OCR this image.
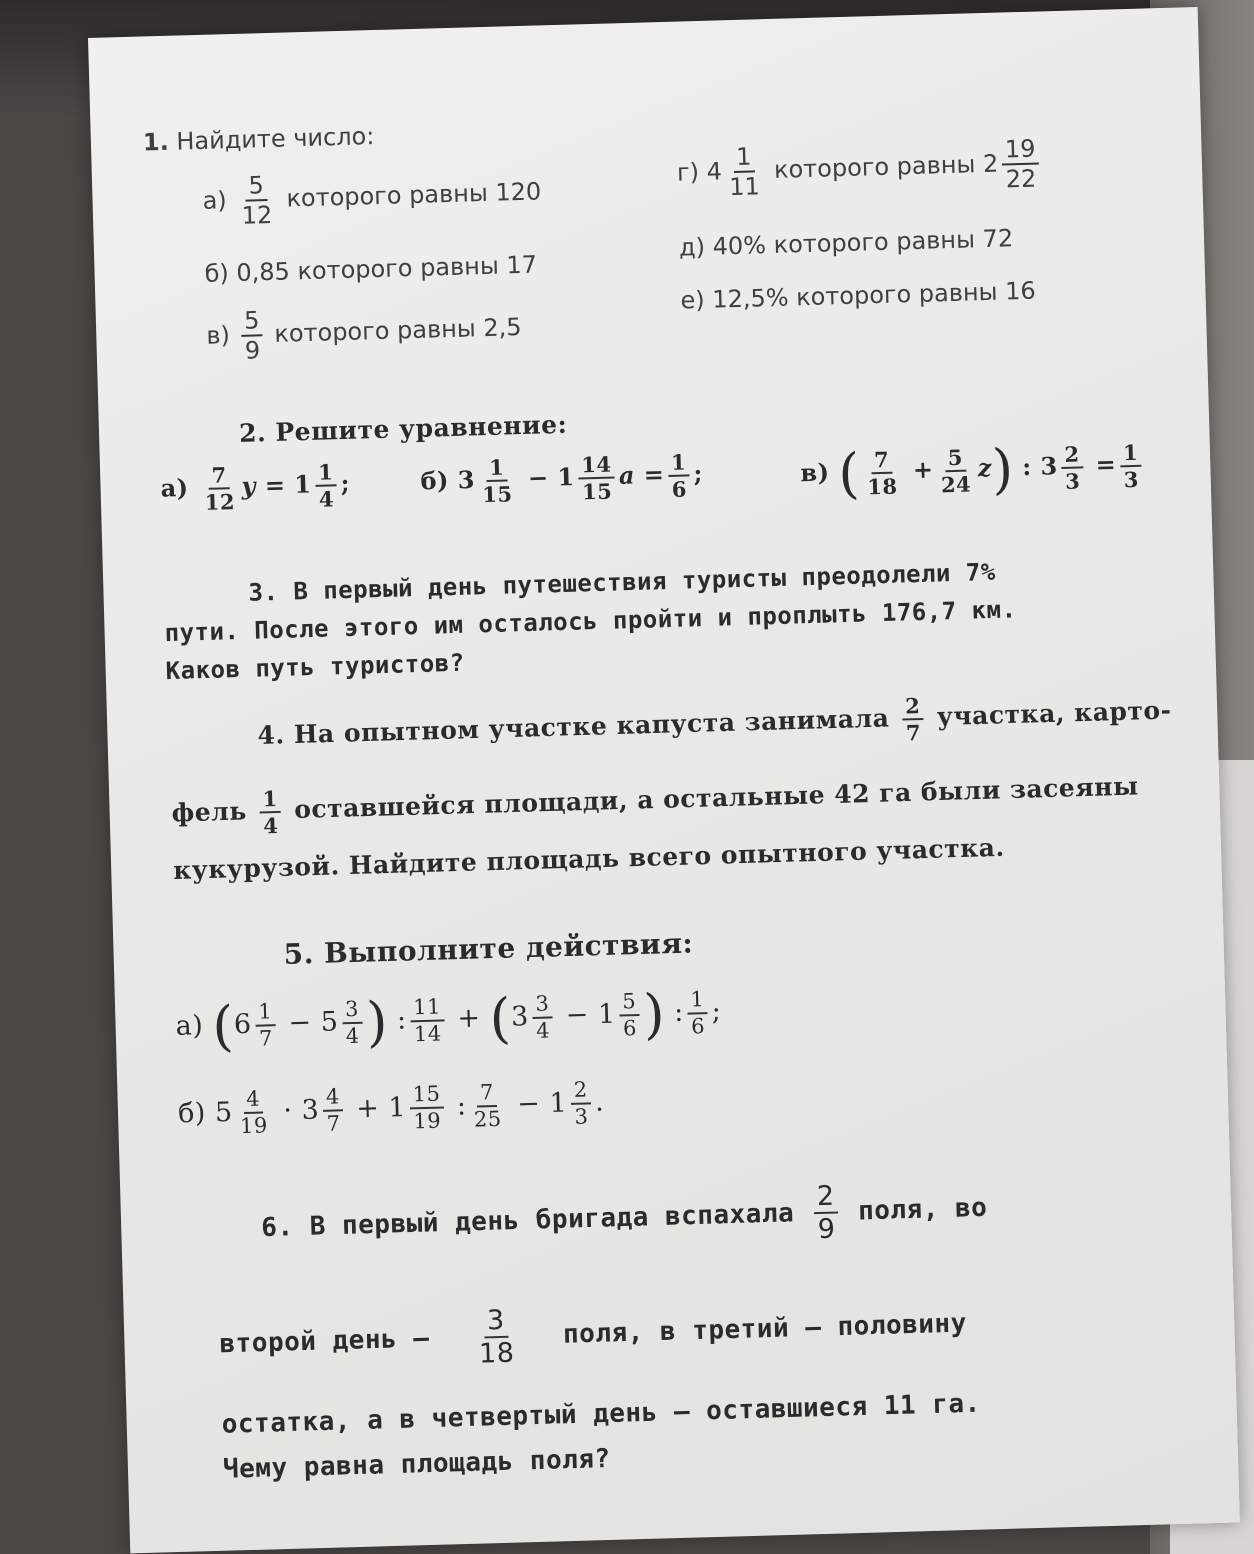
1. Найдите число:
$а) \frac{5}{12}$ которого равны 120
б) 0,85 которого равны 17
$в) \frac{5}{9}$ которого равны 2,5
г) $4 \frac{1}{11}$ которого равны $2 \frac{19}{22}$
д) 40% которого равны 72
е) 12,5% которого равны 16
2. Решите уравнение:
$а) \frac{7}{12}$ $y = 1 \frac{1}{4}$ ;	б) $3 \frac{1}{15} - 1 \frac{14}{15}$ $a = \frac{1}{6}$ ;	в) ( $\frac{7}{18} + \frac{5}{24} z$) : $3 \frac{2}{3} = \frac{1}{3}$
3. В первый день путешествия туристы преодолели 7%
пути. После этого им осталось пройти и проплыть 176,7 км.
Каков путь туристов?
4. На опытном участке капуста занимала $\frac{2}{7}$ участка, карто-
фель $\frac{1}{4}$ оставшейся площади, а остальные 42 га были засеяны
кукурузой. Найдите площадь всего опытного участка.
5. Выполните действия:
а) ($6 \frac{1}{7} - 5 \frac{3}{4}$ ) : $\frac{11}{14} + (3 \frac{3}{4} - 1 \frac{5}{6}$ ) : $\frac{1}{6}$ ;
б) $5 \frac{4}{19} \cdot 3 \frac{4}{7} + 1 \frac{15}{19}$ : $\frac{7}{25} - 1 \frac{2}{3}$ .
6. В первый день бригада вспахала $\frac{2}{9}$ поля, во
второй день — $\frac{3}{18}$ поля, в третий — половину
остатка, а в четвертый день — оставшиеся 11 га.
Чему равна площадь поля?
